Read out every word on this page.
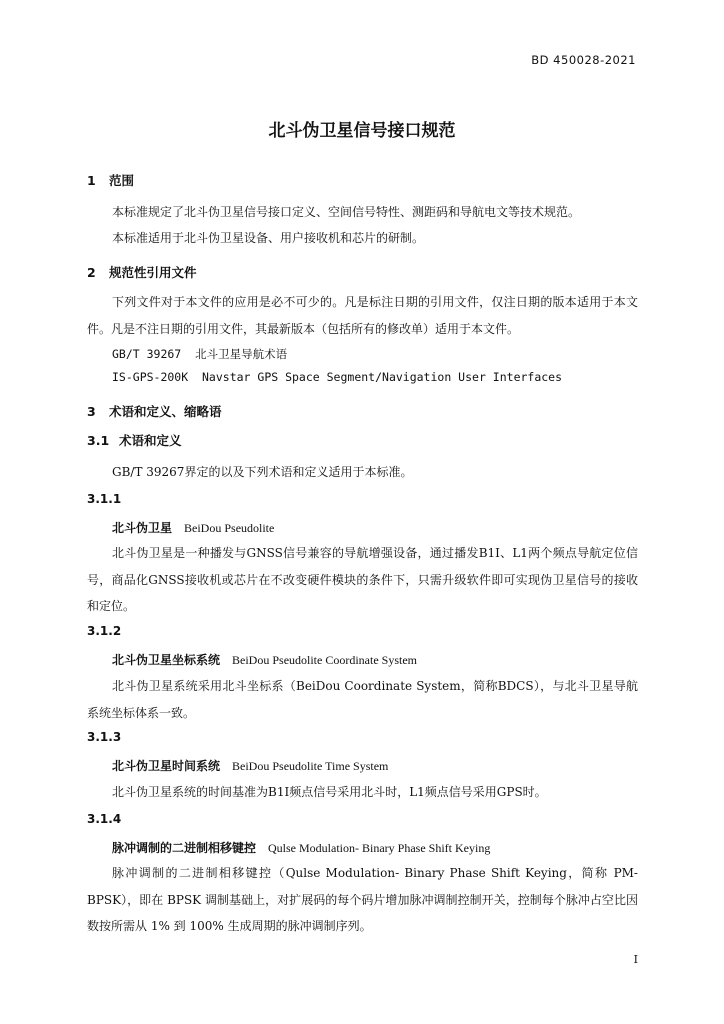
BD 450028-2021
北斗伪卫星信号接口规范
1 范围
本标准规定了北斗伪卫星信号接口定义、空间信号特性、测距码和导航电文等技术规范。
本标准适用于北斗伪卫星设备、用户接收机和芯片的研制。
2 规范性引用文件
下列文件对于本文件的应用是必不可少的。凡是标注日期的引用文件，仅注日期的版本适用于本文件。凡是不注日期的引用文件，其最新版本（包括所有的修改单）适用于本文件。
GB/T 39267  北斗卫星导航术语
IS-GPS-200K  Navstar GPS Space Segment/Navigation User Interfaces
3 术语和定义、缩略语
3.1 术语和定义
GB/T 39267界定的以及下列术语和定义适用于本标准。
3.1.1
北斗伪卫星 BeiDou Pseudolite
北斗伪卫星是一种播发与GNSS信号兼容的导航增强设备，通过播发B1I、L1两个频点导航定位信号，商品化GNSS接收机或芯片在不改变硬件模块的条件下，只需升级软件即可实现伪卫星信号的接收和定位。
3.1.2
北斗伪卫星坐标系统 BeiDou Pseudolite Coordinate System
北斗伪卫星系统采用北斗坐标系（BeiDou Coordinate System，简称BDCS），与北斗卫星导航系统坐标体系一致。
3.1.3
北斗伪卫星时间系统 BeiDou Pseudolite Time System
北斗伪卫星系统的时间基准为B1I频点信号采用北斗时，L1频点信号采用GPS时。
3.1.4
脉冲调制的二进制相移键控 Qulse Modulation- Binary Phase Shift Keying
脉冲调制的二进制相移键控（Qulse Modulation- Binary Phase Shift Keying，简称 PM-BPSK），即在 BPSK 调制基础上，对扩展码的每个码片增加脉冲调制控制开关，控制每个脉冲占空比因数按所需从 1% 到 100% 生成周期的脉冲调制序列。
I
